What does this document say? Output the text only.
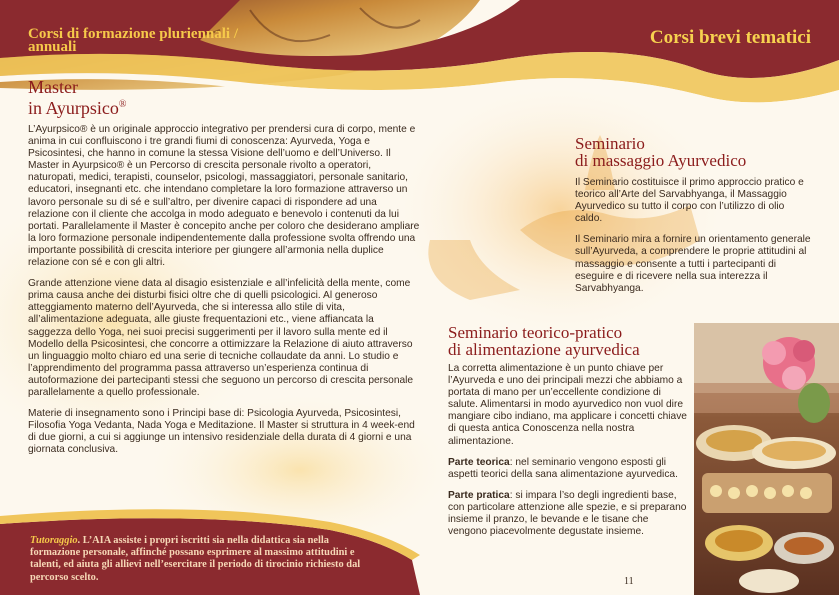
Corsi di formazione pluriennali / annuali	Corsi brevi tematici
Master
in Ayurpsico®

L’Ayurpsico® è un originale approccio integrativo per prendersi cura di corpo, mente e anima in cui confluiscono i tre grandi fiumi di conoscenza: Ayurveda, Yoga e Psicosintesi, che hanno in comune la stessa Visione dell’uomo e dell’Universo. Il Master in Ayurpsico® è un Percorso di crescita personale rivolto a operatori, naturopati, medici, terapisti, counselor, psicologi, massaggiatori, personale sanitario, educatori, insegnanti etc. che intendano completare la loro formazione attraverso un lavoro personale su di sé e sull’altro, per divenire capaci di rispondere ad una relazione con il cliente che accolga in modo adeguato e benevolo i contenuti da lui portati. Parallelamente il Master è concepito anche per coloro che desiderano ampliare la loro formazione personale indipendentemente dalla professione svolta offrendo una importante possibilità di crescita interiore per giungere all’armonia nella duplice relazione con sé e con gli altri.

Grande attenzione viene data al disagio esistenziale e all’infelicità della mente, come prima causa anche dei disturbi fisici oltre che di quelli psicologici. Al generoso atteggiamento materno dell’Ayurveda, che si interessa allo stile di vita, all’alimentazione adeguata, alle giuste frequentazioni etc., viene affiancata la saggezza dello Yoga, nei suoi precisi suggerimenti per il lavoro sulla mente ed il Modello della Psicosintesi, che concorre a ottimizzare la Relazione di aiuto attraverso un linguaggio molto chiaro ed una serie di tecniche collaudate da anni. Lo studio e l’apprendimento del programma passa attraverso un’esperienza continua di autoformazione dei partecipanti stessi che seguono un percorso di crescita personale parallelamente a quello professionale.

Materie di insegnamento sono i Principi base di: Psicologia Ayurveda, Psicosintesi, Filosofia Yoga Vedanta, Nada Yoga e Meditazione. Il Master si struttura in 4 week-end di due giorni, a cui si aggiunge un intensivo residenziale della durata di 4 giorni e una giornata conclusiva.

Tutoraggio. L’AIA assiste i propri iscritti sia nella didattica sia nella formazione personale, affinché possano esprimere al massimo attitudini e talenti, ed aiuta gli allievi nell’esercitare il periodo di tirocinio richiesto dal percorso scelto.
Seminario
di massaggio Ayurvedico

Il Seminario costituisce il primo approccio pratico e teorico all’Arte del Sarvabhyanga, il Massaggio Ayurvedico su tutto il corpo con l’utilizzo di olio caldo.

Il Seminario mira a fornire un orientamento generale sull’Ayurveda, a comprendere le proprie attitudini al massaggio e consente a tutti i partecipanti di eseguire e di ricevere nella sua interezza il Sarvabhyanga.

Seminario teorico-pratico
di alimentazione ayurvedica

La corretta alimentazione è un punto chiave per l’Ayurveda e uno dei principali mezzi che abbiamo a portata di mano per un’eccellente condizione di salute. Alimentarsi in modo ayurvedico non vuol dire mangiare cibo indiano, ma applicare i concetti chiave di questa antica Conoscenza nella nostra alimentazione.

Parte teorica: nel seminario vengono esposti gli aspetti teorici della sana alimentazione ayurvedica.

Parte pratica: si impara l’so degli ingredienti base, con particolare attenzione alle spezie, e si preparano insieme il pranzo, le bevande e le tisane che vengono piacevolmente degustate insieme.

11
